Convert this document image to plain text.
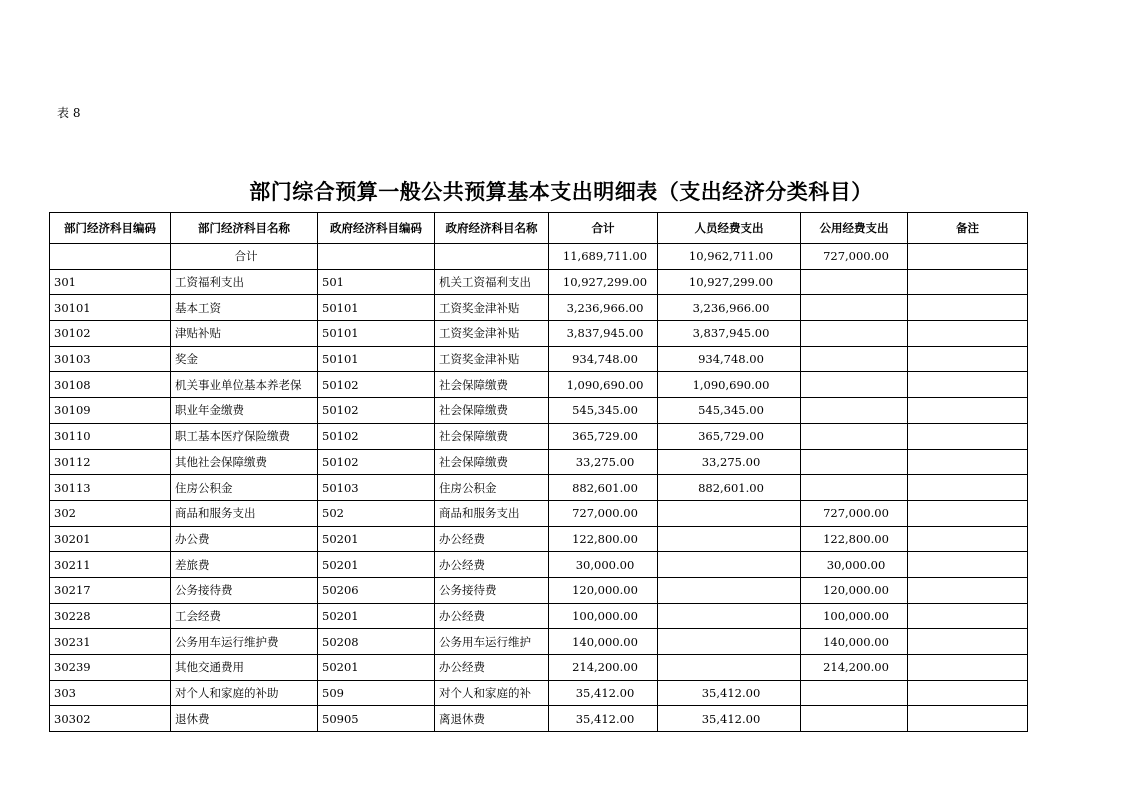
表 8
部门综合预算一般公共预算基本支出明细表（支出经济分类科目）
部门经济科目编码	部门经济科目名称	政府经济科目编码	政府经济科目名称	合计	人员经费支出	公用经费支出	备注
	合计			11,689,711.00	10,962,711.00	727,000.00	
301	工资福利支出	501	机关工资福利支出	10,927,299.00	10,927,299.00		
30101	基本工资	50101	工资奖金津补贴	3,236,966.00	3,236,966.00		
30102	津贴补贴	50101	工资奖金津补贴	3,837,945.00	3,837,945.00		
30103	奖金	50101	工资奖金津补贴	934,748.00	934,748.00		
30108	机关事业单位基本养老保	50102	社会保障缴费	1,090,690.00	1,090,690.00		
30109	职业年金缴费	50102	社会保障缴费	545,345.00	545,345.00		
30110	职工基本医疗保险缴费	50102	社会保障缴费	365,729.00	365,729.00		
30112	其他社会保障缴费	50102	社会保障缴费	33,275.00	33,275.00		
30113	住房公积金	50103	住房公积金	882,601.00	882,601.00		
302	商品和服务支出	502	商品和服务支出	727,000.00		727,000.00	
30201	办公费	50201	办公经费	122,800.00		122,800.00	
30211	差旅费	50201	办公经费	30,000.00		30,000.00	
30217	公务接待费	50206	公务接待费	120,000.00		120,000.00	
30228	工会经费	50201	办公经费	100,000.00		100,000.00	
30231	公务用车运行维护费	50208	公务用车运行维护	140,000.00		140,000.00	
30239	其他交通费用	50201	办公经费	214,200.00		214,200.00	
303	对个人和家庭的补助	509	对个人和家庭的补	35,412.00	35,412.00		
30302	退休费	50905	离退休费	35,412.00	35,412.00		
